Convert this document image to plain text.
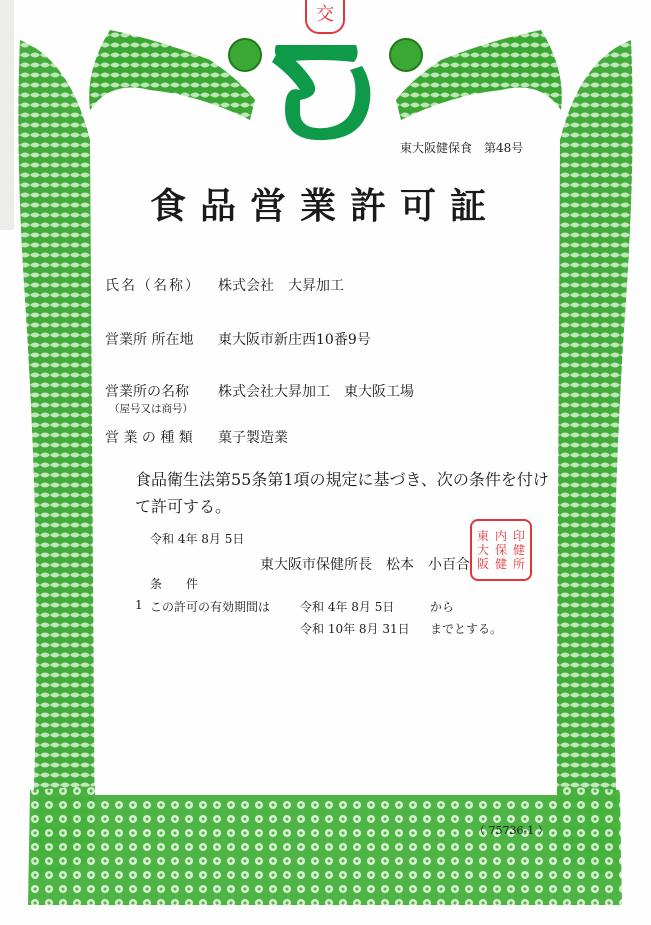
交
東大阪健保食　第48号
食品営業許可証
氏名（名称） 株式会社　大昇加工
営業所 所在地 東大阪市新庄西10番9号
営業所の名称
（屋号又は商号）
株式会社大昇加工　東大阪工場
営 業 の 種 類 菓子製造業
食品衛生法第55条第1項の規定に基づき、次の条件を付けて許可する。
令和 4年 8月 5日
東大阪市保健所長　松本　小百合
東 内 印
大 保 健
阪 健 所
条　　件
1 この許可の有効期間は 令和 4年 8月 5日	から
令和 10年 8月 31日 までとする。
（ 75736-1 ）
